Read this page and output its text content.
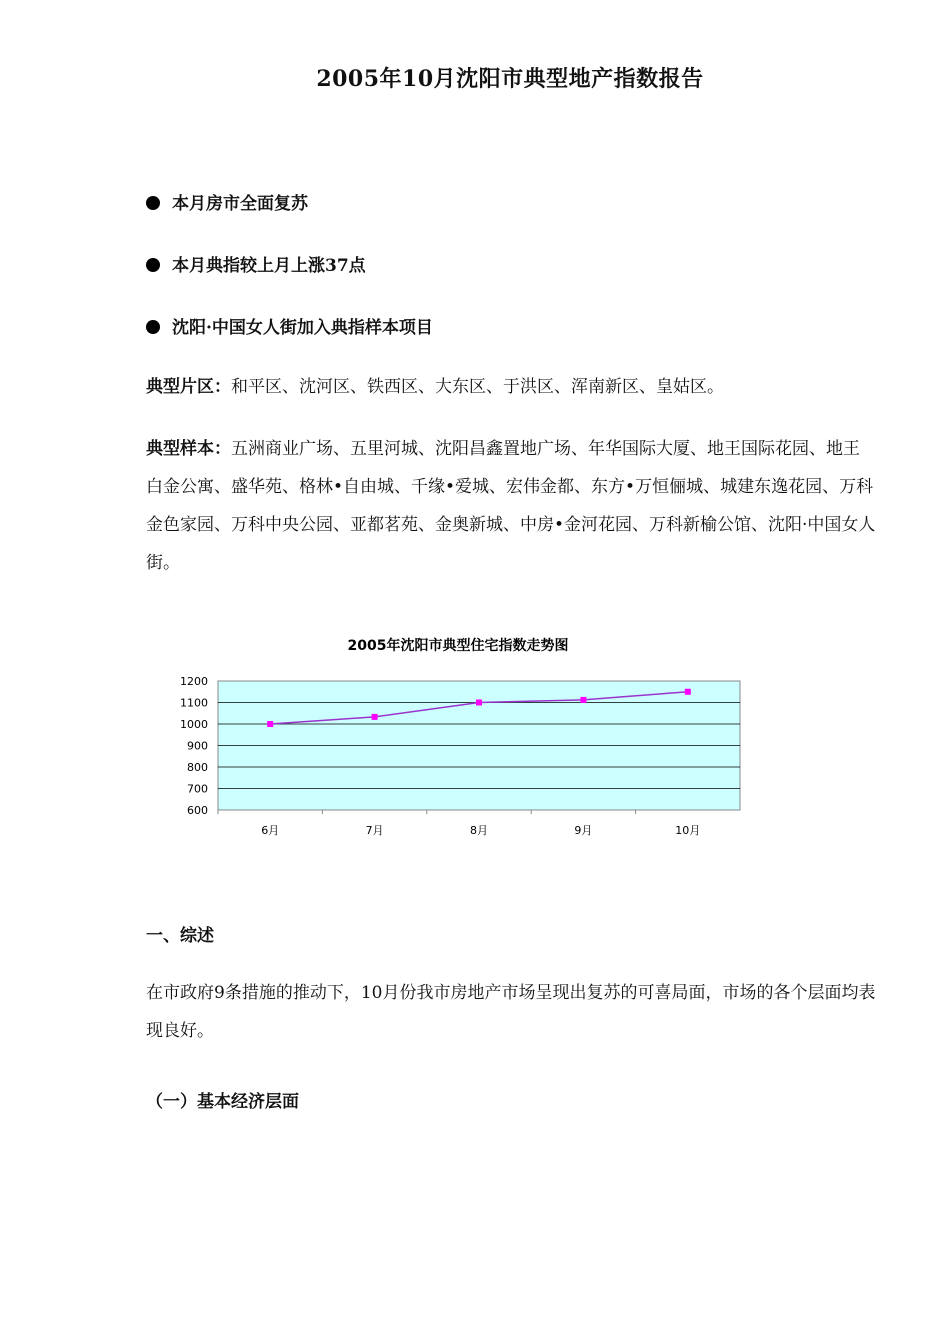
2005年10月沈阳市典型地产指数报告
本月房市全面复苏
本月典指较上月上涨37点
沈阳·中国女人街加入典指样本项目
典型片区：和平区、沈河区、铁西区、大东区、于洪区、浑南新区、皇姑区。
典型样本：五洲商业广场、五里河城、沈阳昌鑫置地广场、年华国际大厦、地王国际花园、地王白金公寓、盛华苑、格林•自由城、千缘•爱城、宏伟金都、东方•万恒俪城、城建东逸花园、万科金色家园、万科中央公园、亚都茗苑、金奥新城、中房•金河花园、万科新榆公馆、沈阳·中国女人街。
2005年沈阳市典型住宅指数走势图
600
700
800
900
1000
1100
1200
6月	7月	8月	9月	10月
一、综述
在市政府9条措施的推动下，10月份我市房地产市场呈现出复苏的可喜局面，市场的各个层面均表现良好。
（一）基本经济层面
